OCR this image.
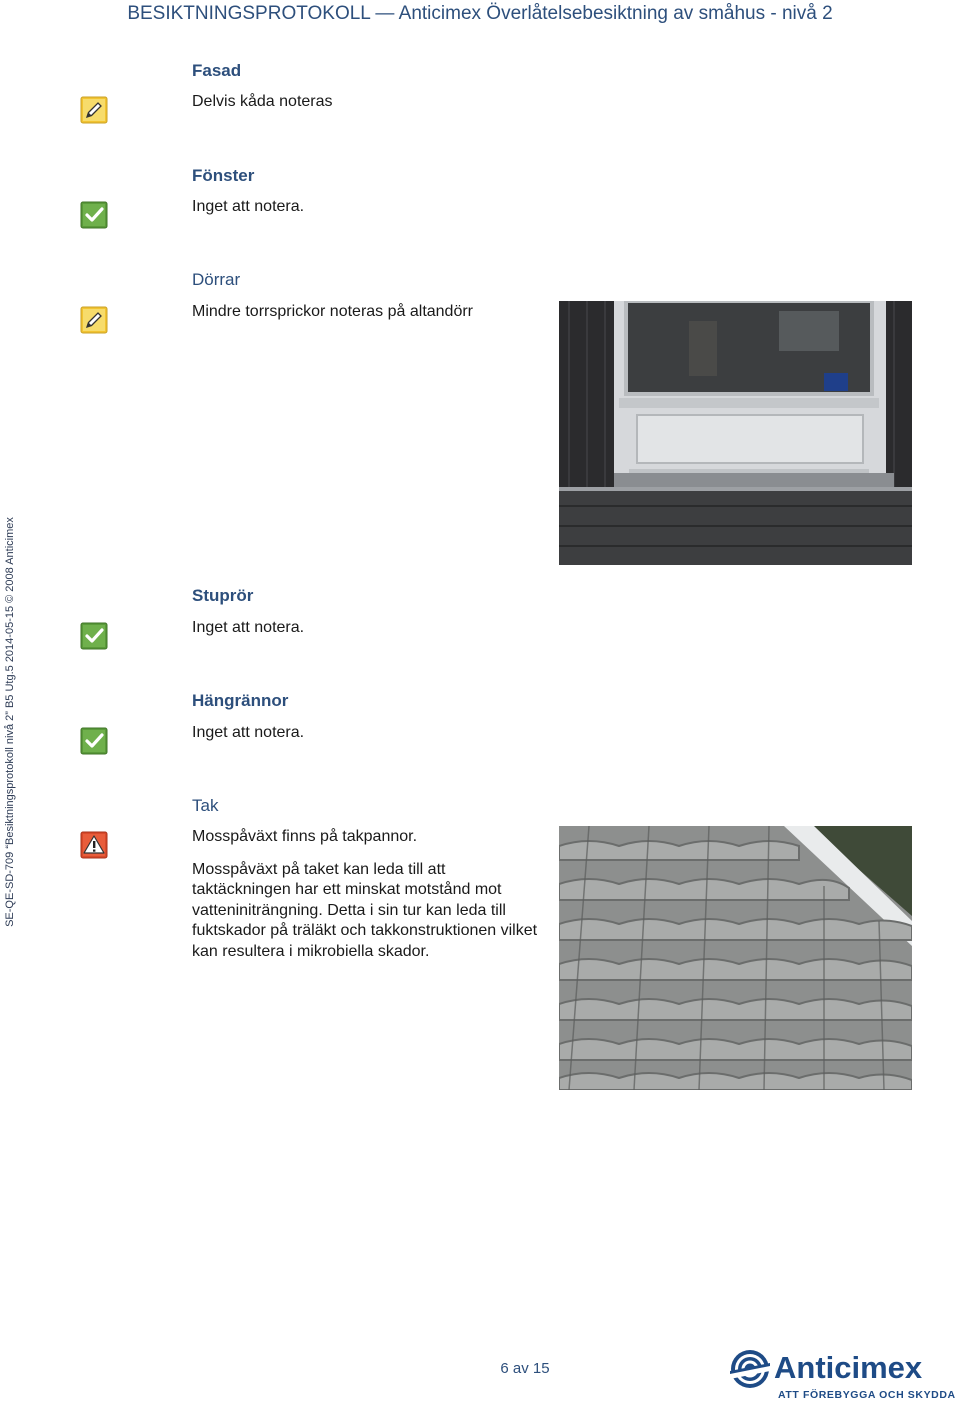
BESIKTNINGSPROTOKOLL — Anticimex Överlåtelsebesiktning av småhus - nivå 2
SE-QE-SD-709 “Besiktningsprotokoll nivå 2” B5 Utg.5 2014-05-15 © 2008 Anticimex
Fasad
Delvis kåda noteras
Fönster
Inget att notera.
Dörrar
Mindre torrsprickor noteras på altandörr
Stuprör
Inget att notera.
Hängrännor
Inget att notera.
Tak
Mosspåväxt finns på takpannor.
Mosspåväxt på taket kan leda till att taktäckningen har ett minskat motstånd mot vatteniniträngning. Detta i sin tur kan leda till fuktskador på träläkt och takkonstruktionen vilket kan resultera i mikrobiella skador.
6 av 15	Anticimex
ATT FÖREBYGGA OCH SKYDDA
